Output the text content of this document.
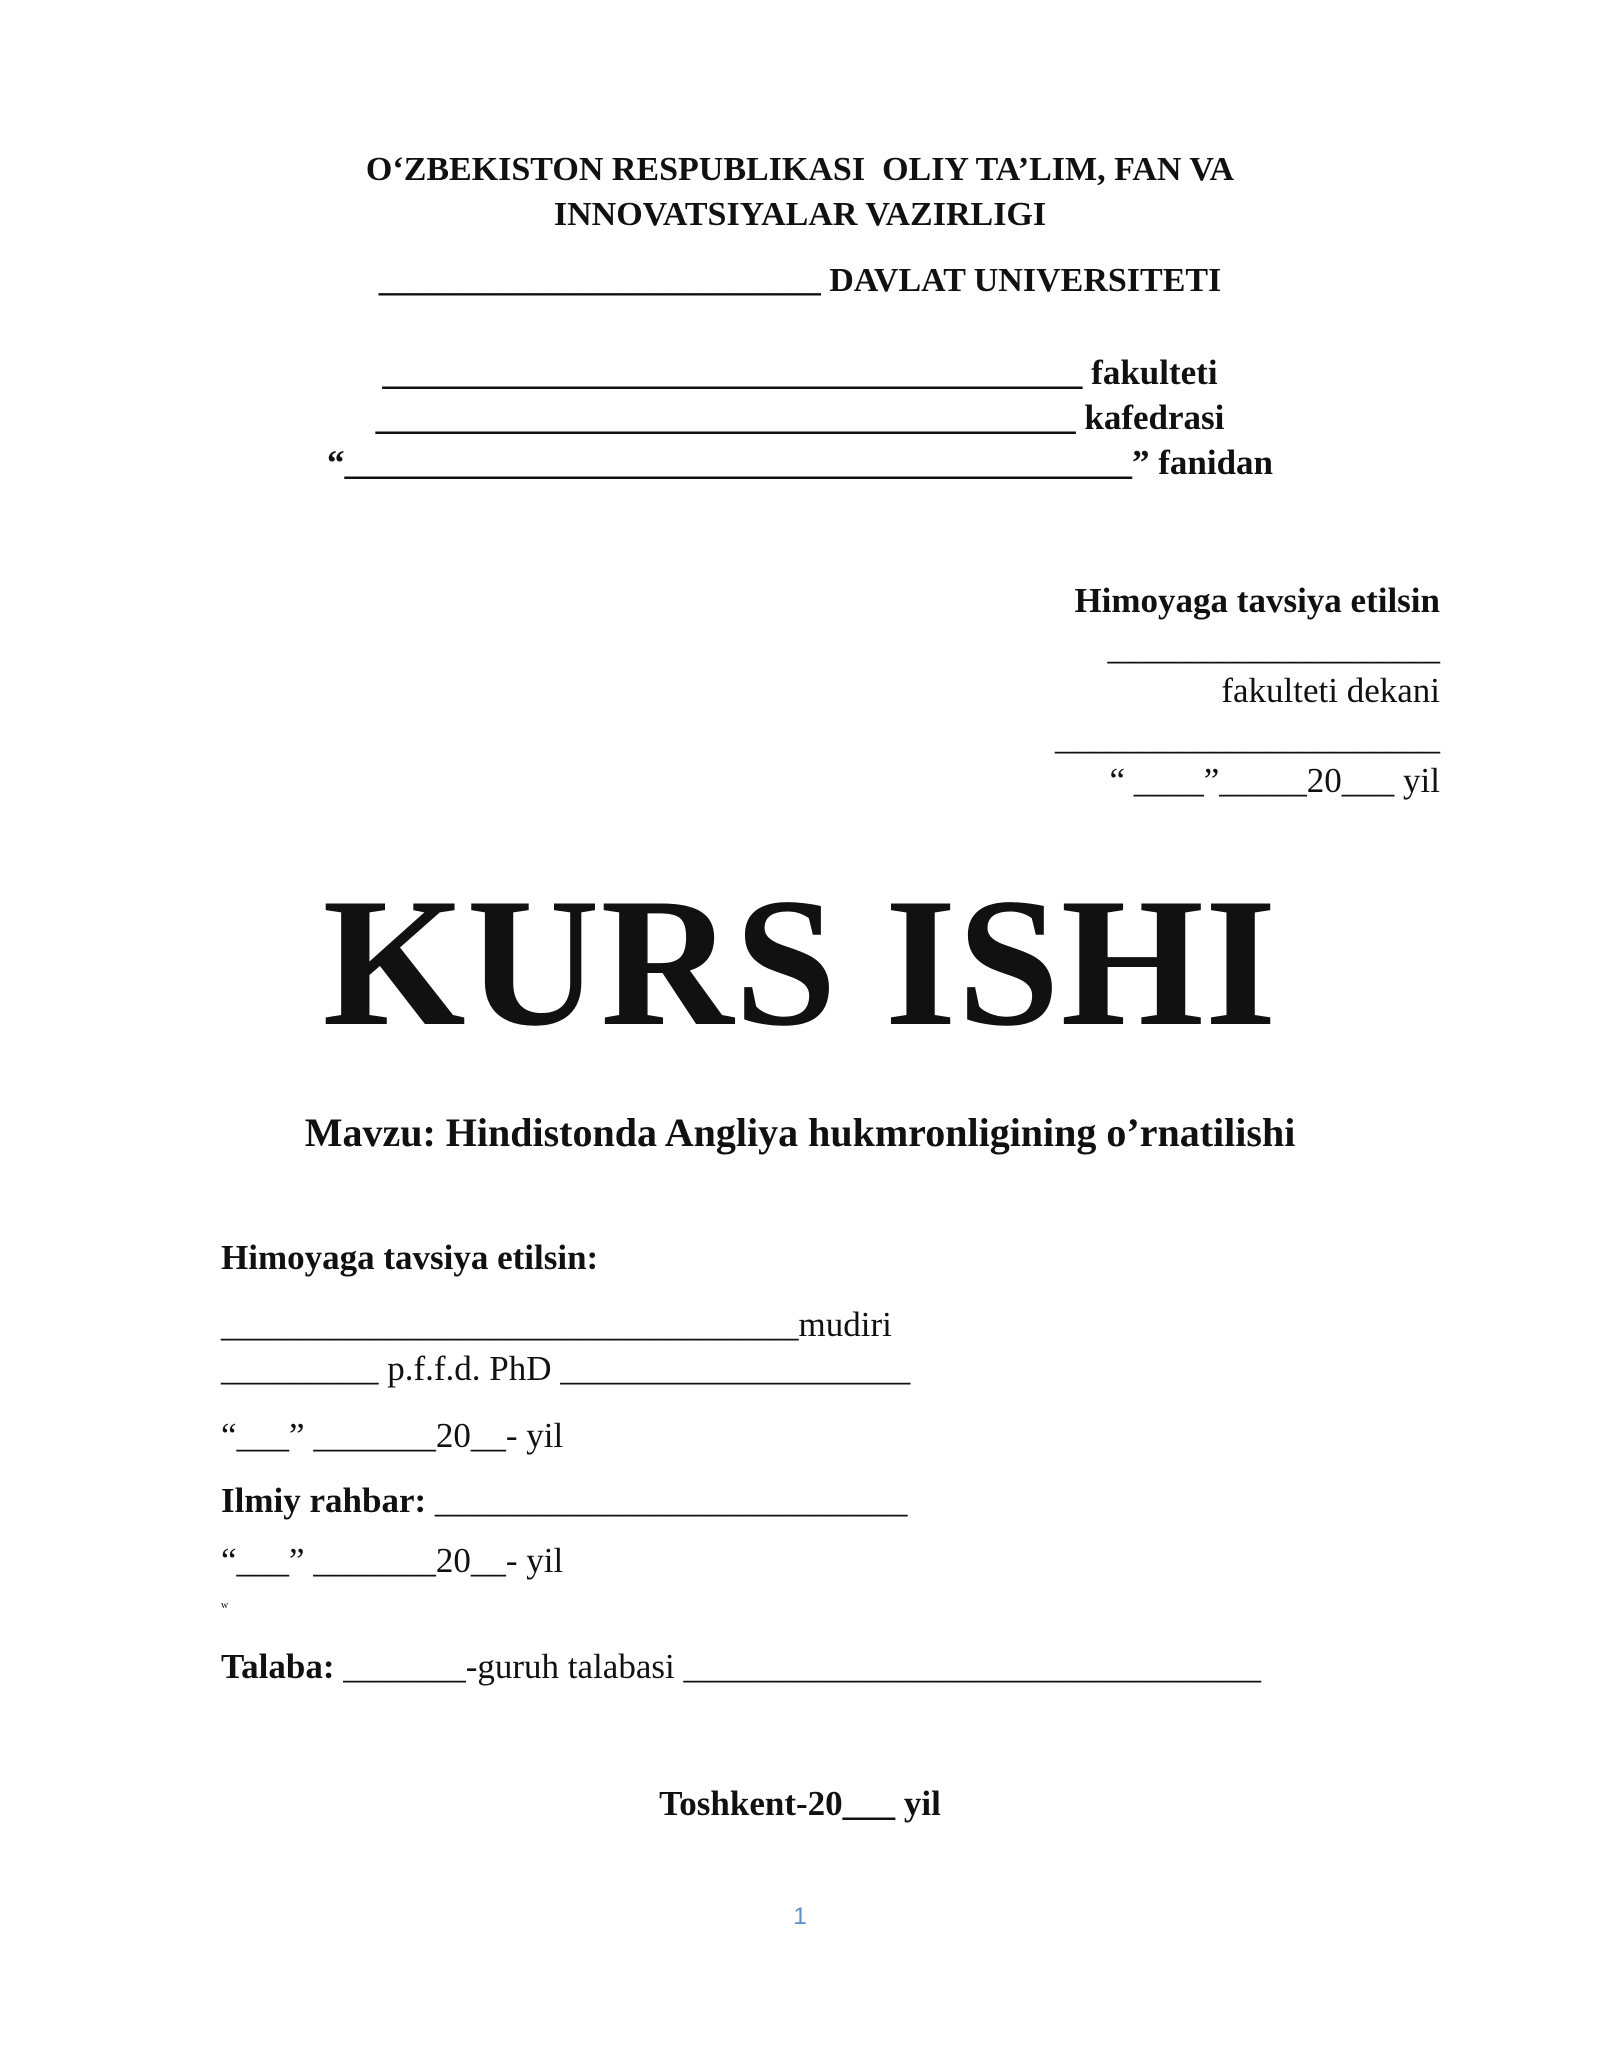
O‘ZBEKISTON RESPUBLIKASI  OLIY TA’LIM, FAN VA
INNOVATSIYALAR VAZIRLIGI
__________________________ DAVLAT UNIVERSITETI
________________________________________ fakulteti
________________________________________ kafedrasi
“_____________________________________________” fanidan
Himoyaga tavsiya etilsin
___________________
fakulteti dekani
______________________
“ ____”_____20___ yil
KURS ISHI
Mavzu: Hindistonda Angliya hukmronligining o’rnatilishi
Himoyaga tavsiya etilsin:
_________________________________mudiri
_________ p.f.f.d. PhD ____________________
“___” _______20__- yil
Ilmiy rahbar: ___________________________
“___” _______20__- yil
w
Talaba: _______-guruh talabasi _________________________________
Toshkent-20___ yil
1
